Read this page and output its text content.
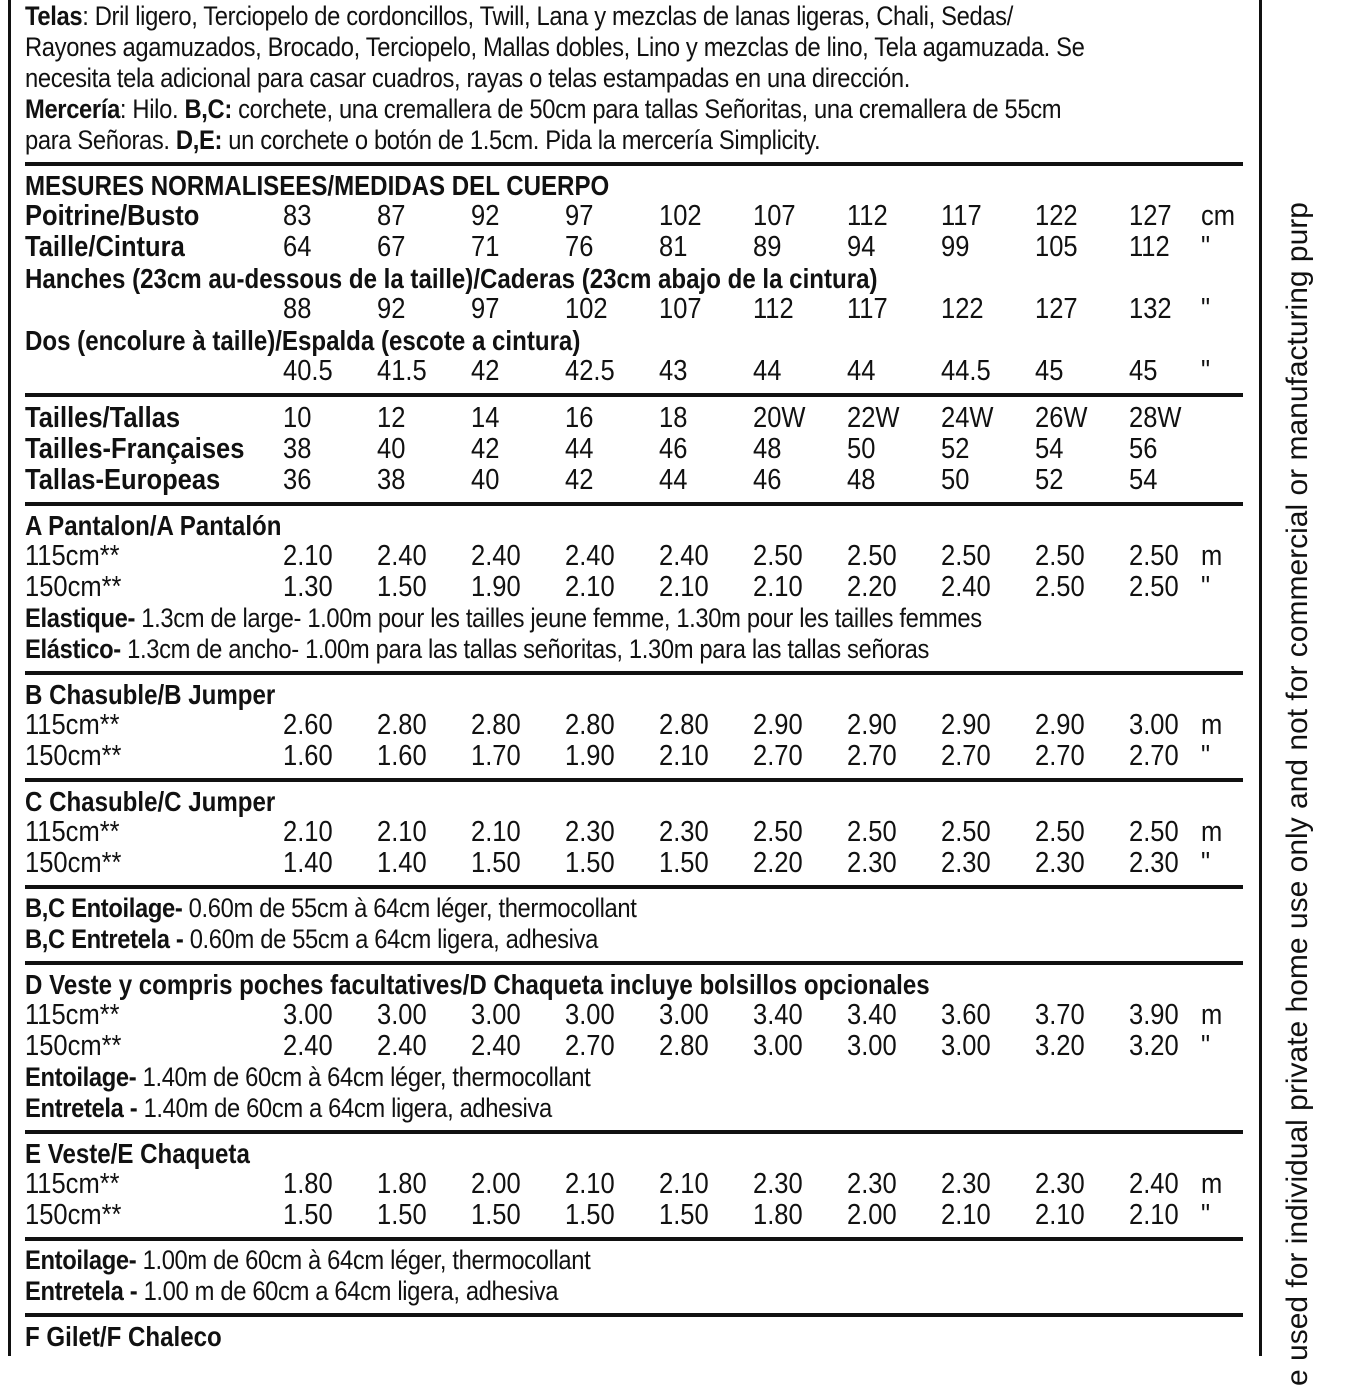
Telas: Dril ligero, Terciopelo de cordoncillos, Twill, Lana y mezclas de lanas ligeras, Chali, Sedas/
Rayones agamuzados, Brocado, Terciopelo, Mallas dobles, Lino y mezclas de lino, Tela agamuzada. Se
necesita tela adicional para casar cuadros, rayas o telas estampadas en una dirección.
Mercería: Hilo. B,C: corchete, una cremallera de 50cm para tallas Señoritas, una cremallera de 55cm
para Señoras. D,E: un corchete o botón de 1.5cm. Pida la mercería Simplicity.
MESURES NORMALISEES/MEDIDAS DEL CUERPO
Poitrine/Busto	83 87 92 97 102 107 112 117 122 127 cm
Taille/Cintura	64 67 71 76 81 89 94 99 105 112 "
Hanches (23cm au-dessous de la taille)/Caderas (23cm abajo de la cintura)
88 92 97 102 107 112 117 122 127 132 "
Dos (encolure à taille)/Espalda (escote a cintura)
40.5 41.5 42 42.5 43 44 44 44.5 45 45 "
Tailles/Tallas	10 12 14 16 18 20W 22W 24W 26W 28W
Tailles-Françaises 38 40 42 44 46 48 50 52 54 56
Tallas-Europeas 36 38 40 42 44 46 48 50 52 54
A Pantalon/A Pantalón
115cm**	2.10 2.40 2.40 2.40 2.40 2.50 2.50 2.50 2.50 2.50 m
150cm**	1.30 1.50 1.90 2.10 2.10 2.10 2.20 2.40 2.50 2.50 "
Elastique- 1.3cm de large- 1.00m pour les tailles jeune femme, 1.30m pour les tailles femmes
Elástico- 1.3cm de ancho- 1.00m para las tallas señoritas, 1.30m para las tallas señoras
B Chasuble/B Jumper
115cm**	2.60 2.80 2.80 2.80 2.80 2.90 2.90 2.90 2.90 3.00 m
150cm**	1.60 1.60 1.70 1.90 2.10 2.70 2.70 2.70 2.70 2.70 "
C Chasuble/C Jumper
115cm**	2.10 2.10 2.10 2.30 2.30 2.50 2.50 2.50 2.50 2.50 m
150cm**	1.40 1.40 1.50 1.50 1.50 2.20 2.30 2.30 2.30 2.30 "
B,C Entoilage- 0.60m de 55cm à 64cm léger, thermocollant
B,C Entretela - 0.60m de 55cm a 64cm ligera, adhesiva
D Veste y compris poches facultatives/D Chaqueta incluye bolsillos opcionales
115cm**	3.00 3.00 3.00 3.00 3.00 3.40 3.40 3.60 3.70 3.90 m
150cm**	2.40 2.40 2.40 2.70 2.80 3.00 3.00 3.00 3.20 3.20 "
Entoilage- 1.40m de 60cm à 64cm léger, thermocollant
Entretela - 1.40m de 60cm a 64cm ligera, adhesiva
E Veste/E Chaqueta
115cm**	1.80 1.80 2.00 2.10 2.10 2.30 2.30 2.30 2.30 2.40 m
150cm**	1.50 1.50 1.50 1.50 1.50 1.80 2.00 2.10 2.10 2.10 "
Entoilage- 1.00m de 60cm à 64cm léger, thermocollant
Entretela - 1.00 m de 60cm a 64cm ligera, adhesiva
F Gilet/F Chaleco	e used for individual private home use only and not for commercial or manufacturing purp
